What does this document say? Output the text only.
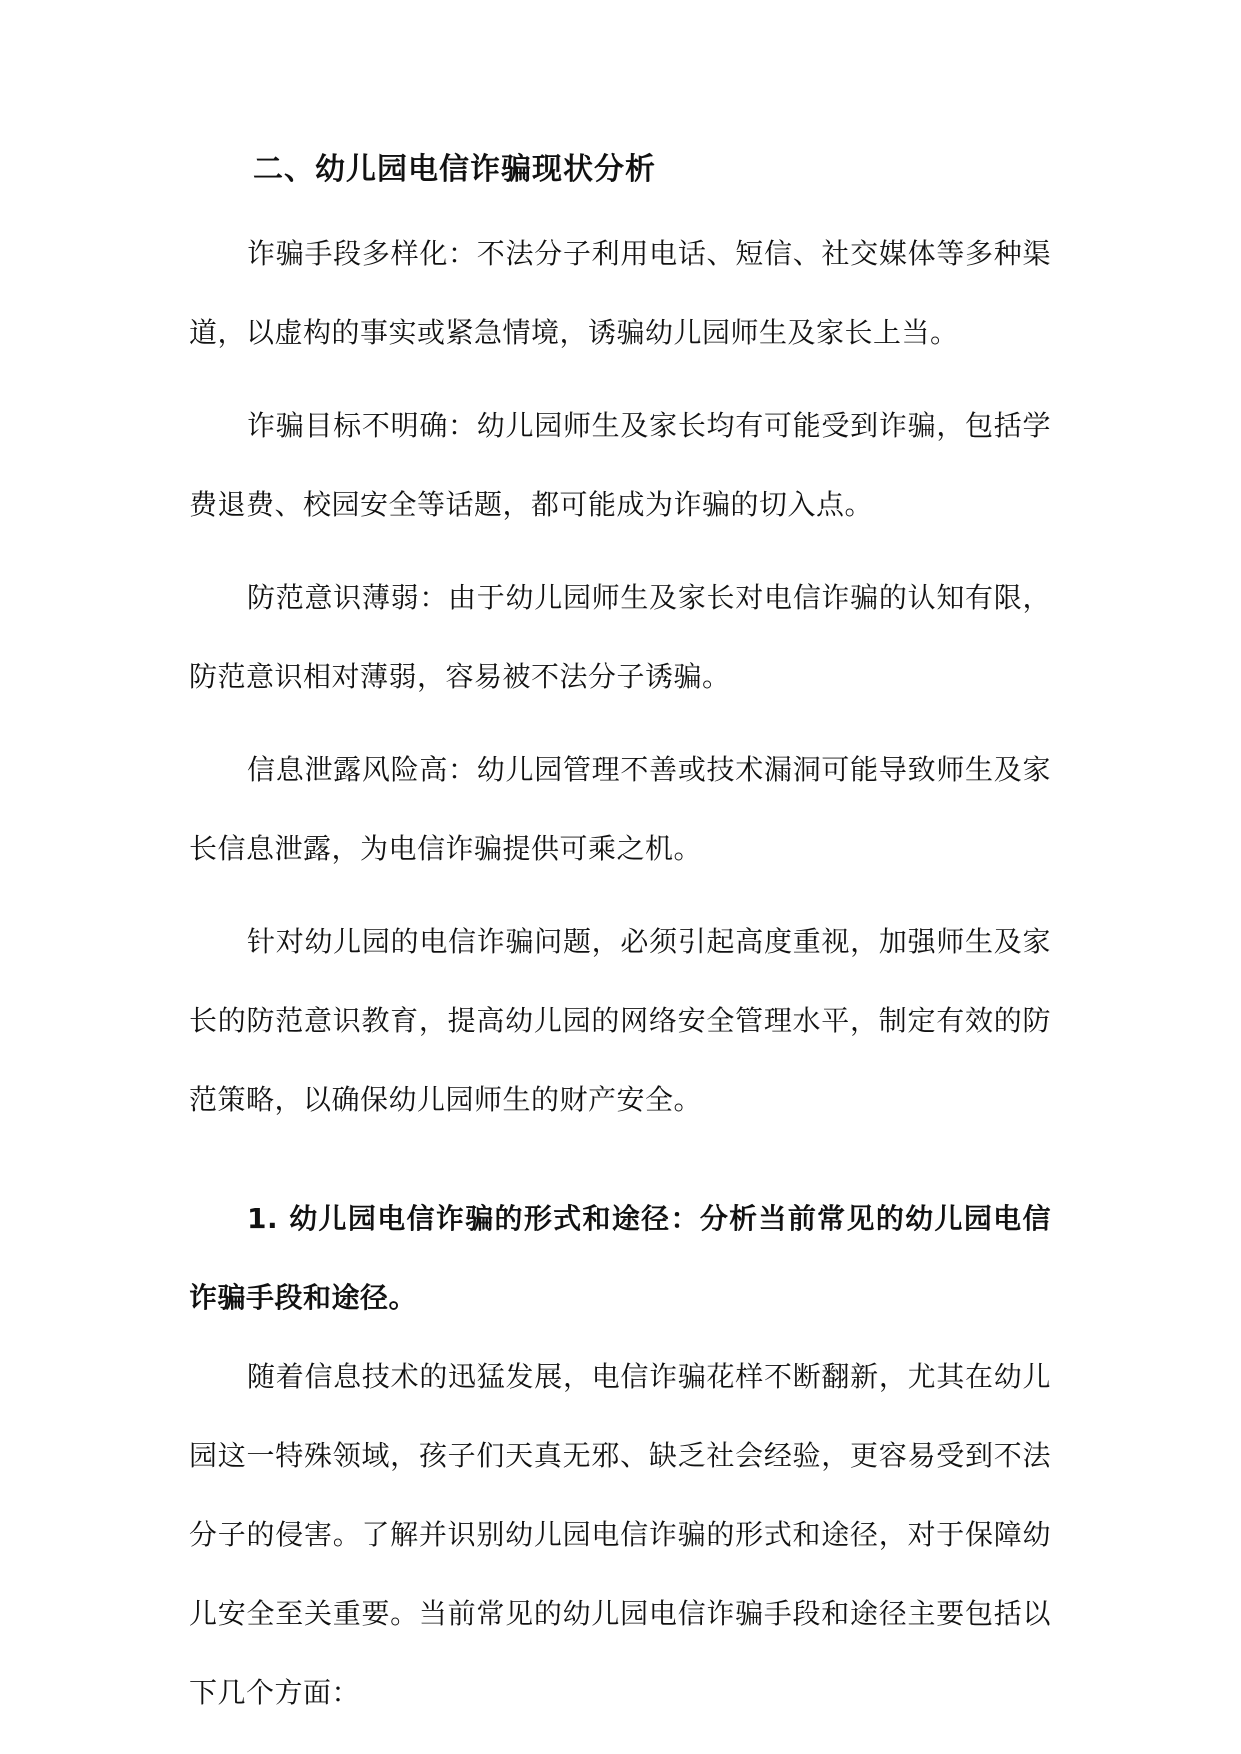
二、幼儿园电信诈骗现状分析

诈骗手段多样化：不法分子利用电话、短信、社交媒体等多种渠道，以虚构的事实或紧急情境，诱骗幼儿园师生及家长上当。

诈骗目标不明确：幼儿园师生及家长均有可能受到诈骗，包括学费退费、校园安全等话题，都可能成为诈骗的切入点。

防范意识薄弱：由于幼儿园师生及家长对电信诈骗的认知有限，防范意识相对薄弱，容易被不法分子诱骗。

信息泄露风险高：幼儿园管理不善或技术漏洞可能导致师生及家长信息泄露，为电信诈骗提供可乘之机。

针对幼儿园的电信诈骗问题，必须引起高度重视，加强师生及家长的防范意识教育，提高幼儿园的网络安全管理水平，制定有效的防范策略，以确保幼儿园师生的财产安全。

1. 幼儿园电信诈骗的形式和途径：分析当前常见的幼儿园电信诈骗手段和途径。

随着信息技术的迅猛发展，电信诈骗花样不断翻新，尤其在幼儿园这一特殊领域，孩子们天真无邪、缺乏社会经验，更容易受到不法分子的侵害。了解并识别幼儿园电信诈骗的形式和途径，对于保障幼儿安全至关重要。当前常见的幼儿园电信诈骗手段和途径主要包括以下几个方面：
